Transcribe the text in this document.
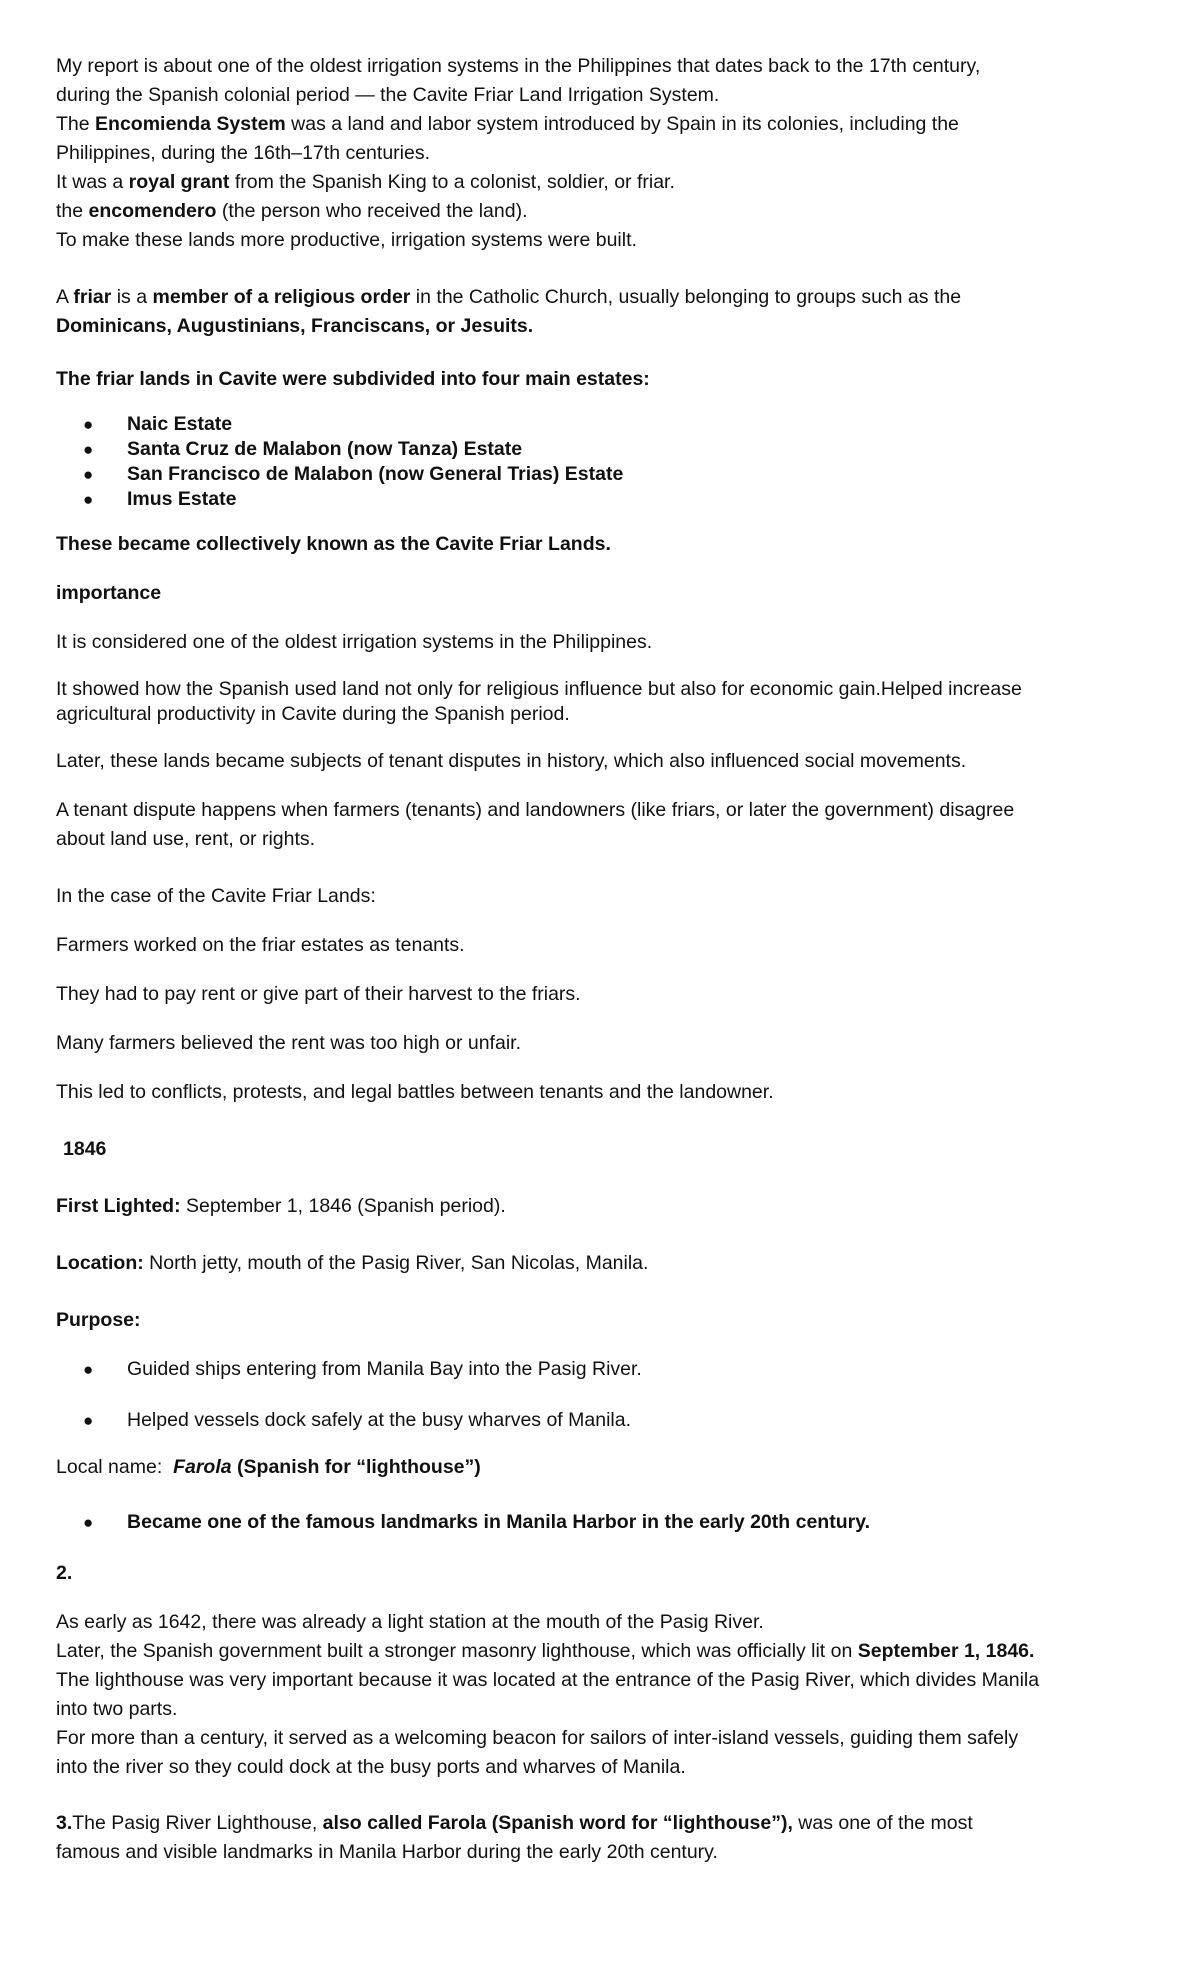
My report is about one of the oldest irrigation systems in the Philippines that dates back to the 17th century,
during the Spanish colonial period — the Cavite Friar Land Irrigation System.
The Encomienda System was a land and labor system introduced by Spain in its colonies, including the
Philippines, during the 16th–17th centuries.
It was a royal grant from the Spanish King to a colonist, soldier, or friar.
the encomendero (the person who received the land).
To make these lands more productive, irrigation systems were built.
A friar is a member of a religious order in the Catholic Church, usually belonging to groups such as the
Dominicans, Augustinians, Franciscans, or Jesuits.
The friar lands in Cavite were subdivided into four main estates:
● Naic Estate
● Santa Cruz de Malabon (now Tanza) Estate
● San Francisco de Malabon (now General Trias) Estate
● Imus Estate
These became collectively known as the Cavite Friar Lands.
importance
It is considered one of the oldest irrigation systems in the Philippines.
It showed how the Spanish used land not only for religious influence but also for economic gain.Helped increase
agricultural productivity in Cavite during the Spanish period.
Later, these lands became subjects of tenant disputes in history, which also influenced social movements.
A tenant dispute happens when farmers (tenants) and landowners (like friars, or later the government) disagree
about land use, rent, or rights.
In the case of the Cavite Friar Lands:
Farmers worked on the friar estates as tenants.
They had to pay rent or give part of their harvest to the friars.
Many farmers believed the rent was too high or unfair.
This led to conflicts, protests, and legal battles between tenants and the landowner.
1846
First Lighted: September 1, 1846 (Spanish period).
Location: North jetty, mouth of the Pasig River, San Nicolas, Manila.
Purpose:
● Guided ships entering from Manila Bay into the Pasig River.
● Helped vessels dock safely at the busy wharves of Manila.
Local name:  Farola (Spanish for “lighthouse”)
● Became one of the famous landmarks in Manila Harbor in the early 20th century.
2.
As early as 1642, there was already a light station at the mouth of the Pasig River.
Later, the Spanish government built a stronger masonry lighthouse, which was officially lit on September 1, 1846.
The lighthouse was very important because it was located at the entrance of the Pasig River, which divides Manila
into two parts.
For more than a century, it served as a welcoming beacon for sailors of inter-island vessels, guiding them safely
into the river so they could dock at the busy ports and wharves of Manila.
3.The Pasig River Lighthouse, also called Farola (Spanish word for “lighthouse”), was one of the most
famous and visible landmarks in Manila Harbor during the early 20th century.
